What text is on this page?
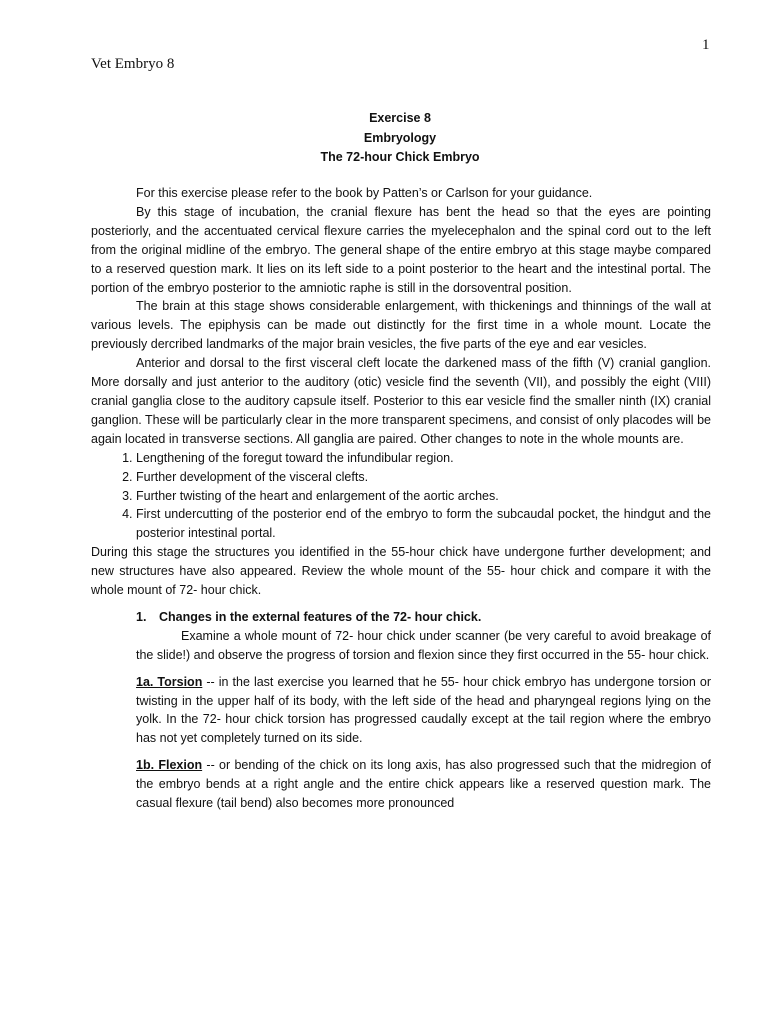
1
Vet Embryo 8
Exercise 8
Embryology
The 72-hour Chick Embryo

For this exercise please refer to the book by Patten’s or Carlson for your guidance.

By this stage of incubation, the cranial flexure has bent the head so that the eyes are pointing posteriorly, and the accentuated cervical flexure carries the myelecephalon and the spinal cord out to the left from the original midline of the embryo. The general shape of the entire embryo at this stage maybe compared to a reserved question mark. It lies on its left side to a point posterior to the heart and the intestinal portal. The portion of the embryo posterior to the amniotic raphe is still in the dorsoventral position.

The brain at this stage shows considerable enlargement, with thickenings and thinnings of the wall at various levels. The epiphysis can be made out distinctly for the first time in a whole mount. Locate the previously dercribed landmarks of the major brain vesicles, the five parts of the eye and ear vesicles.

Anterior and dorsal to the first visceral cleft locate the darkened mass of the fifth (V) cranial ganglion. More dorsally and just anterior to the auditory (otic) vesicle find the seventh (VII), and possibly the eight (VIII) cranial ganglia close to the auditory capsule itself. Posterior to this ear vesicle find the smaller ninth (IX) cranial ganglion. These will be particularly clear in the more transparent specimens, and consist of only placodes will be again located in transverse sections. All ganglia are paired. Other changes to note in the whole mounts are.

1. Lengthening of the foregut toward the infundibular region.
2. Further development of the visceral clefts.
3. Further twisting of the heart and enlargement of the aortic arches.
4. First undercutting of the posterior end of the embryo to form the subcaudal pocket, the hindgut and the posterior intestinal portal.

During this stage the structures you identified in the 55-hour chick have undergone further development; and new structures have also appeared. Review the whole mount of the 55- hour chick and compare it with the whole mount of 72- hour chick.

1. Changes in the external features of the 72- hour chick.

Examine a whole mount of 72- hour chick under scanner (be very careful to avoid breakage of the slide!) and observe the progress of torsion and flexion since they first occurred in the 55- hour chick.

1a. Torsion -- in the last exercise you learned that he 55- hour chick embryo has undergone torsion or twisting in the upper half of its body, with the left side of the head and pharyngeal regions lying on the yolk. In the 72- hour chick torsion has progressed caudally except at the tail region where the embryo has not yet completely turned on its side.

1b. Flexion -- or bending of the chick on its long axis, has also progressed such that the midregion of the embryo bends at a right angle and the entire chick appears like a reserved question mark. The casual flexure (tail bend) also becomes more pronounced
